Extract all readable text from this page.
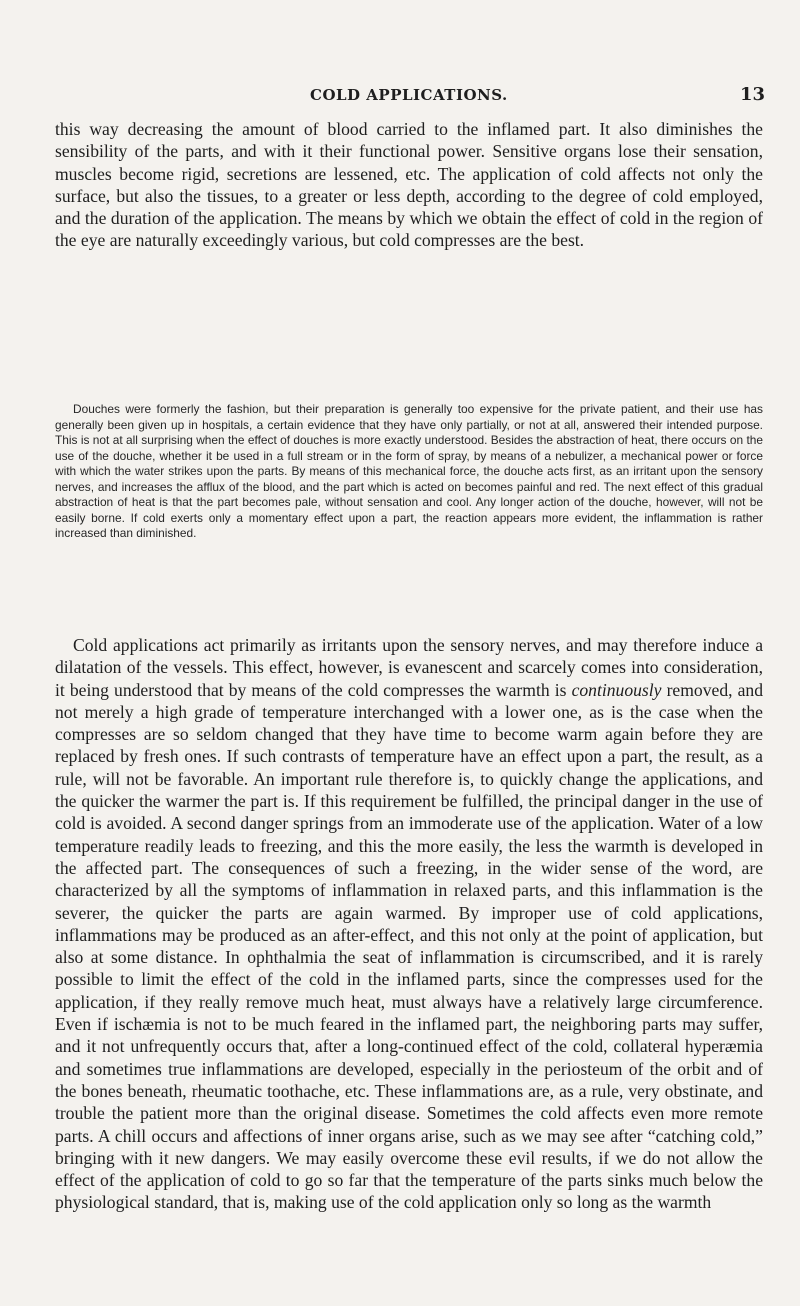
COLD APPLICATIONS.	13

this way decreasing the amount of blood carried to the inflamed part. It also diminishes the sensibility of the parts, and with it their functional power. Sensitive organs lose their sensation, muscles become rigid, secretions are lessened, etc. The application of cold affects not only the surface, but also the tissues, to a greater or less depth, according to the degree of cold employed, and the duration of the application. The means by which we obtain the effect of cold in the region of the eye are naturally exceedingly various, but cold compresses are the best.

Douches were formerly the fashion, but their preparation is generally too expensive for the private patient, and their use has generally been given up in hospitals, a certain evidence that they have only partially, or not at all, answered their intended purpose. This is not at all surprising when the effect of douches is more exactly understood. Besides the abstraction of heat, there occurs on the use of the douche, whether it be used in a full stream or in the form of spray, by means of a nebulizer, a mechanical power or force with which the water strikes upon the parts. By means of this mechanical force, the douche acts first, as an irritant upon the sensory nerves, and increases the afflux of the blood, and the part which is acted on becomes painful and red. The next effect of this gradual abstraction of heat is that the part becomes pale, without sensation and cool. Any longer action of the douche, however, will not be easily borne. If cold exerts only a momentary effect upon a part, the reaction appears more evident, the inflammation is rather increased than diminished.

Cold applications act primarily as irritants upon the sensory nerves, and may therefore induce a dilatation of the vessels. This effect, however, is evanescent and scarcely comes into consideration, it being understood that by means of the cold compresses the warmth is continuously removed, and not merely a high grade of temperature interchanged with a lower one, as is the case when the compresses are so seldom changed that they have time to become warm again before they are replaced by fresh ones. If such contrasts of temperature have an effect upon a part, the result, as a rule, will not be favorable. An important rule therefore is, to quickly change the applications, and the quicker the warmer the part is. If this requirement be fulfilled, the principal danger in the use of cold is avoided. A second danger springs from an immoderate use of the application. Water of a low temperature readily leads to freezing, and this the more easily, the less the warmth is developed in the affected part. The consequences of such a freezing, in the wider sense of the word, are characterized by all the symptoms of inflammation in relaxed parts, and this inflammation is the severer, the quicker the parts are again warmed. By improper use of cold applications, inflammations may be produced as an after-effect, and this not only at the point of application, but also at some distance. In ophthalmia the seat of inflammation is circumscribed, and it is rarely possible to limit the effect of the cold in the inflamed parts, since the compresses used for the application, if they really remove much heat, must always have a relatively large circumference. Even if ischæmia is not to be much feared in the inflamed part, the neighboring parts may suffer, and it not unfrequently occurs that, after a long-continued effect of the cold, collateral hyperæmia and sometimes true inflammations are developed, especially in the periosteum of the orbit and of the bones beneath, rheumatic toothache, etc. These inflammations are, as a rule, very obstinate, and trouble the patient more than the original disease. Sometimes the cold affects even more remote parts. A chill occurs and affections of inner organs arise, such as we may see after “catching cold,” bringing with it new dangers. We may easily overcome these evil results, if we do not allow the effect of the application of cold to go so far that the temperature of the parts sinks much below the physiological standard, that is, making use of the cold application only so long as the warmth
